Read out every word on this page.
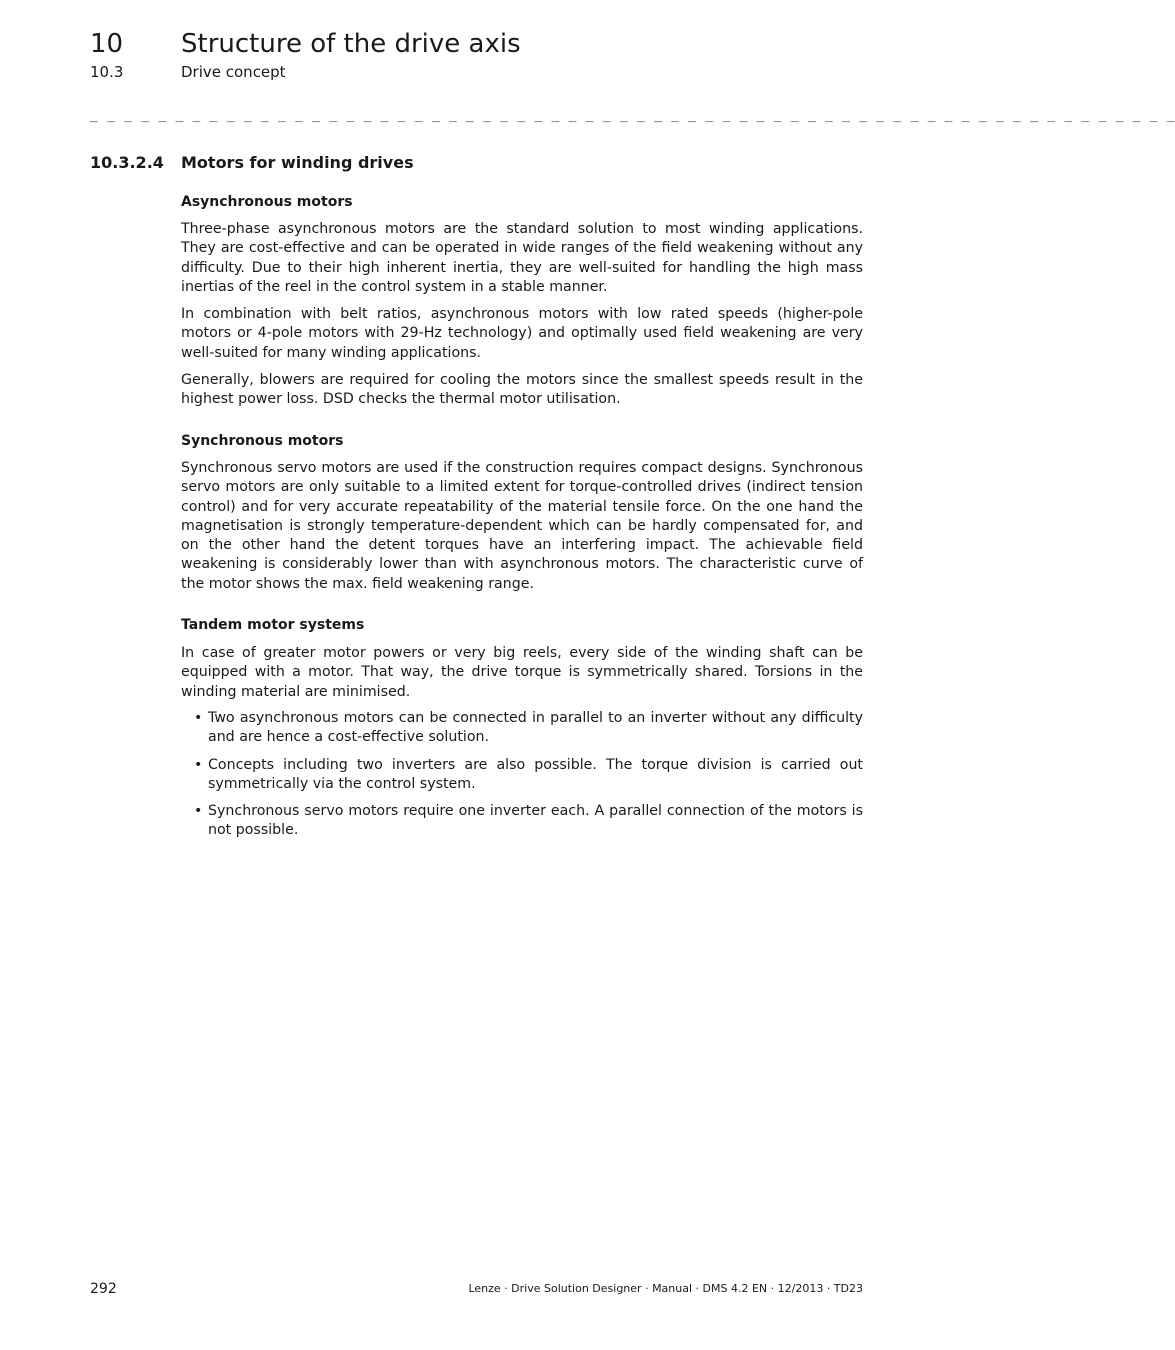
10 Structure of the drive axis
10.3	Drive concept
_ _ _ _ _ _ _ _ _ _ _ _ _ _ _ _ _ _ _ _ _ _ _ _ _ _ _ _ _ _ _ _ _ _ _ _ _ _ _ _ _ _ _ _ _ _ _ _ _ _ _ _ _ _ _ _ _ _ _ _ _ _ _ _
10.3.2.4 Motors for winding drives
Asynchronous motors

Three-phase asynchronous motors are the standard solution to most winding applications. They are cost-effective and can be operated in wide ranges of the field weakening without any difficulty. Due to their high inherent inertia, they are well-suited for handling the high mass inertias of the reel in the control system in a stable manner.

In combination with belt ratios, asynchronous motors with low rated speeds (higher-pole motors or 4-pole motors with 29-Hz technology) and optimally used field weakening are very well-suited for many winding applications.

Generally, blowers are required for cooling the motors since the smallest speeds result in the highest power loss. DSD checks the thermal motor utilisation.

Synchronous motors

Synchronous servo motors are used if the construction requires compact designs. Synchronous servo motors are only suitable to a limited extent for torque-controlled drives (indirect tension control) and for very accurate repeatability of the material tensile force. On the one hand the magnetisation is strongly temperature-dependent which can be hardly compensated for, and on the other hand the detent torques have an interfering impact. The achievable field weakening is considerably lower than with asynchronous motors. The characteristic curve of the motor shows the max. field weakening range.

Tandem motor systems

In case of greater motor powers or very big reels, every side of the winding shaft can be equipped with a motor. That way, the drive torque is symmetrically shared. Torsions in the winding material are minimised.

• Two asynchronous motors can be connected in parallel to an inverter without any difficulty and are hence a cost-effective solution.
• Concepts including two inverters are also possible. The torque division is carried out symmetrically via the control system.
• Synchronous servo motors require one inverter each. A parallel connection of the motors is not possible.
292	Lenze · Drive Solution Designer · Manual · DMS 4.2 EN · 12/2013 · TD23
